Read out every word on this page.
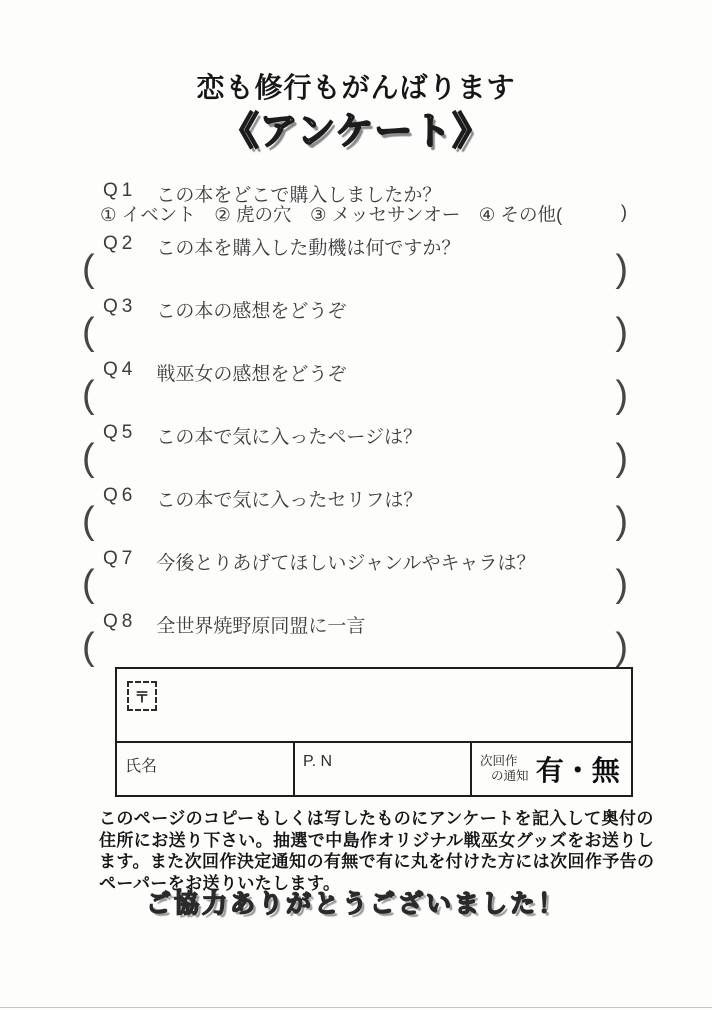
恋も修行もがんばります
《アンケート》
Q1 この本をどこで購入しましたか？
① イベント　② 虎の穴　③ メッセサンオー　④ その他(	)
Q2 この本を購入した動機は何ですか？
(	)
Q3 この本の感想をどうぞ
(	)
Q4 戦巫女の感想をどうぞ
(	)
Q5 この本で気に入ったページは？
(	)
Q6 この本で気に入ったセリフは？
(	)
Q7 今後とりあげてほしいジャンルやキャラは？
(	)
Q8 全世界焼野原同盟に一言
(	)
〒
氏名	P. N	次回作
の通知 有・無
このページのコピーもしくは写したものにアンケートを記入して奥付の
住所にお送り下さい。抽選で中島作オリジナル戦巫女グッズをお送りし
ます。また次回作決定通知の有無で有に丸を付けた方には次回作予告の
ペーパーをお送りいたします。
ご協力ありがとうございました！
